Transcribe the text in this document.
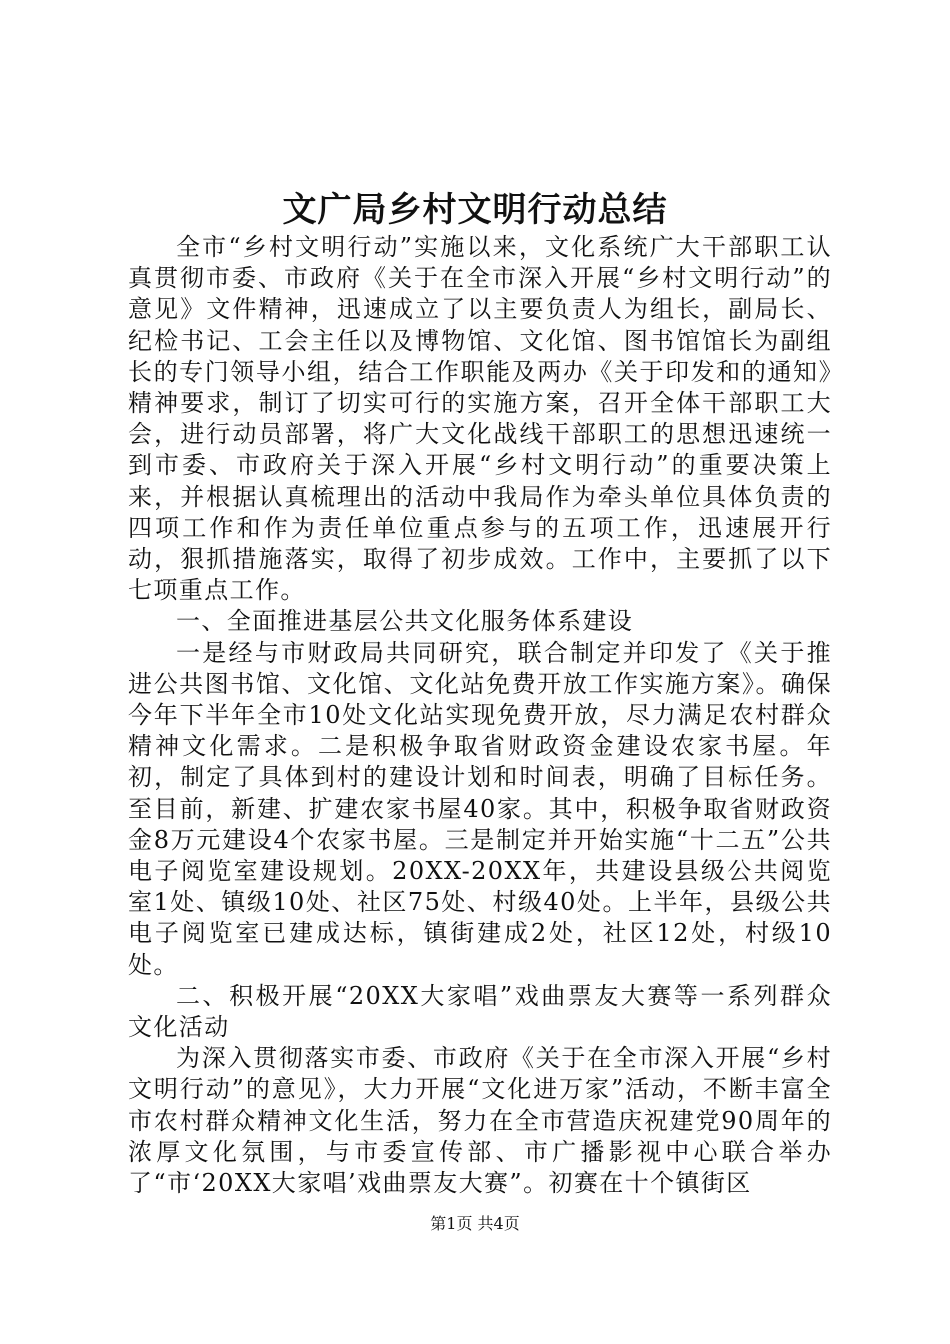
文广局乡村文明行动总结

全市“乡村文明行动”实施以来，文化系统广大干部职工认真贯彻市委、市政府《关于在全市深入开展“乡村文明行动”的意见》文件精神，迅速成立了以主要负责人为组长，副局长、纪检书记、工会主任以及博物馆、文化馆、图书馆馆长为副组长的专门领导小组，结合工作职能及两办《关于印发和的通知》精神要求，制订了切实可行的实施方案，召开全体干部职工大会，进行动员部署，将广大文化战线干部职工的思想迅速统一到市委、市政府关于深入开展“乡村文明行动”的重要决策上来，并根据认真梳理出的活动中我局作为牵头单位具体负责的四项工作和作为责任单位重点参与的五项工作，迅速展开行动，狠抓措施落实，取得了初步成效。工作中，主要抓了以下七项重点工作。

一、全面推进基层公共文化服务体系建设

一是经与市财政局共同研究，联合制定并印发了《关于推进公共图书馆、文化馆、文化站免费开放工作实施方案》。确保今年下半年全市10处文化站实现免费开放，尽力满足农村群众精神文化需求。二是积极争取省财政资金建设农家书屋。年初，制定了具体到村的建设计划和时间表，明确了目标任务。至目前，新建、扩建农家书屋40家。其中，积极争取省财政资金8万元建设4个农家书屋。三是制定并开始实施“十二五”公共电子阅览室建设规划。20XX-20XX年，共建设县级公共阅览室1处、镇级10处、社区75处、村级40处。上半年，县级公共电子阅览室已建成达标，镇街建成2处，社区12处，村级10处。

二、积极开展“20XX大家唱”戏曲票友大赛等一系列群众文化活动

为深入贯彻落实市委、市政府《关于在全市深入开展“乡村文明行动”的意见》，大力开展“文化进万家”活动，不断丰富全市农村群众精神文化生活，努力在全市营造庆祝建党90周年的浓厚文化氛围，与市委宣传部、市广播影视中心联合举办了“市‘20XX大家唱’戏曲票友大赛”。初赛在十个镇街区

第1页 共4页
